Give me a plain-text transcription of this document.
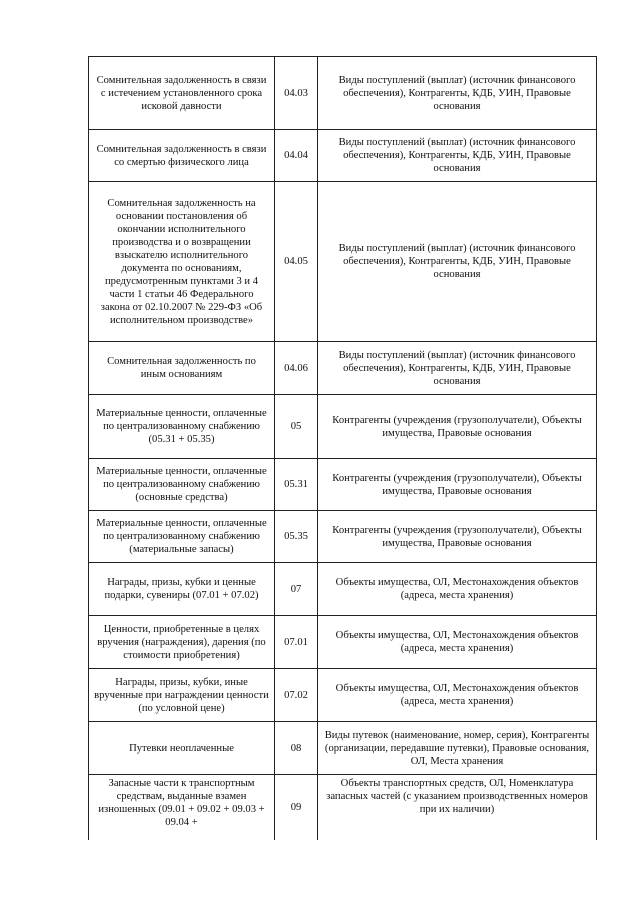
Сомнительная задолженность в связи с истечением установленного срока исковой давности	04.03	Виды поступлений (выплат) (источник финансового обеспечения), Контрагенты, КДБ, УИН, Правовые основания
Сомнительная задолженность в связи со смертью физического лица	04.04	Виды поступлений (выплат) (источник финансового обеспечения), Контрагенты, КДБ, УИН, Правовые основания
Сомнительная задолженность на основании постановления об окончании исполнительного производства и о возвращении взыскателю исполнительного документа по основаниям, предусмотренным пунктами 3 и 4 части 1 статьи 46 Федерального закона от 02.10.2007 № 229-ФЗ «Об исполнительном производстве»	04.05	Виды поступлений (выплат) (источник финансового обеспечения), Контрагенты, КДБ, УИН, Правовые основания
Сомнительная задолженность по иным основаниям	04.06	Виды поступлений (выплат) (источник финансового обеспечения), Контрагенты, КДБ, УИН, Правовые основания
Материальные ценности, оплаченные по централизованному снабжению (05.31 + 05.35)	05	Контрагенты (учреждения (грузополучатели), Объекты имущества, Правовые основания
Материальные ценности, оплаченные по централизованному снабжению (основные средства)	05.31	Контрагенты (учреждения (грузополучатели), Объекты имущества, Правовые основания
Материальные ценности, оплаченные по централизованному снабжению (материальные запасы)	05.35	Контрагенты (учреждения (грузополучатели), Объекты имущества, Правовые основания
Награды, призы, кубки и ценные подарки, сувениры (07.01 + 07.02)	07	Объекты имущества, ОЛ, Местонахождения объектов (адреса, места хранения)
Ценности, приобретенные в целях вручения (награждения), дарения (по стоимости приобретения)	07.01	Объекты имущества, ОЛ, Местонахождения объектов (адреса, места хранения)
Награды, призы, кубки, иные врученные при награждении ценности (по условной цене)	07.02	Объекты имущества, ОЛ, Местонахождения объектов (адреса, места хранения)
Путевки неоплаченные	08	Виды путевок (наименование, номер, серия), Контрагенты (организации, передавшие путевки), Правовые основания, ОЛ, Места хранения
Запасные части к транспортным средствам, выданные взамен изношенных (09.01 + 09.02 + 09.03 + 09.04 +	09	Объекты транспортных средств, ОЛ, Номенклатура запасных частей (с указанием производственных номеров при их наличии)
